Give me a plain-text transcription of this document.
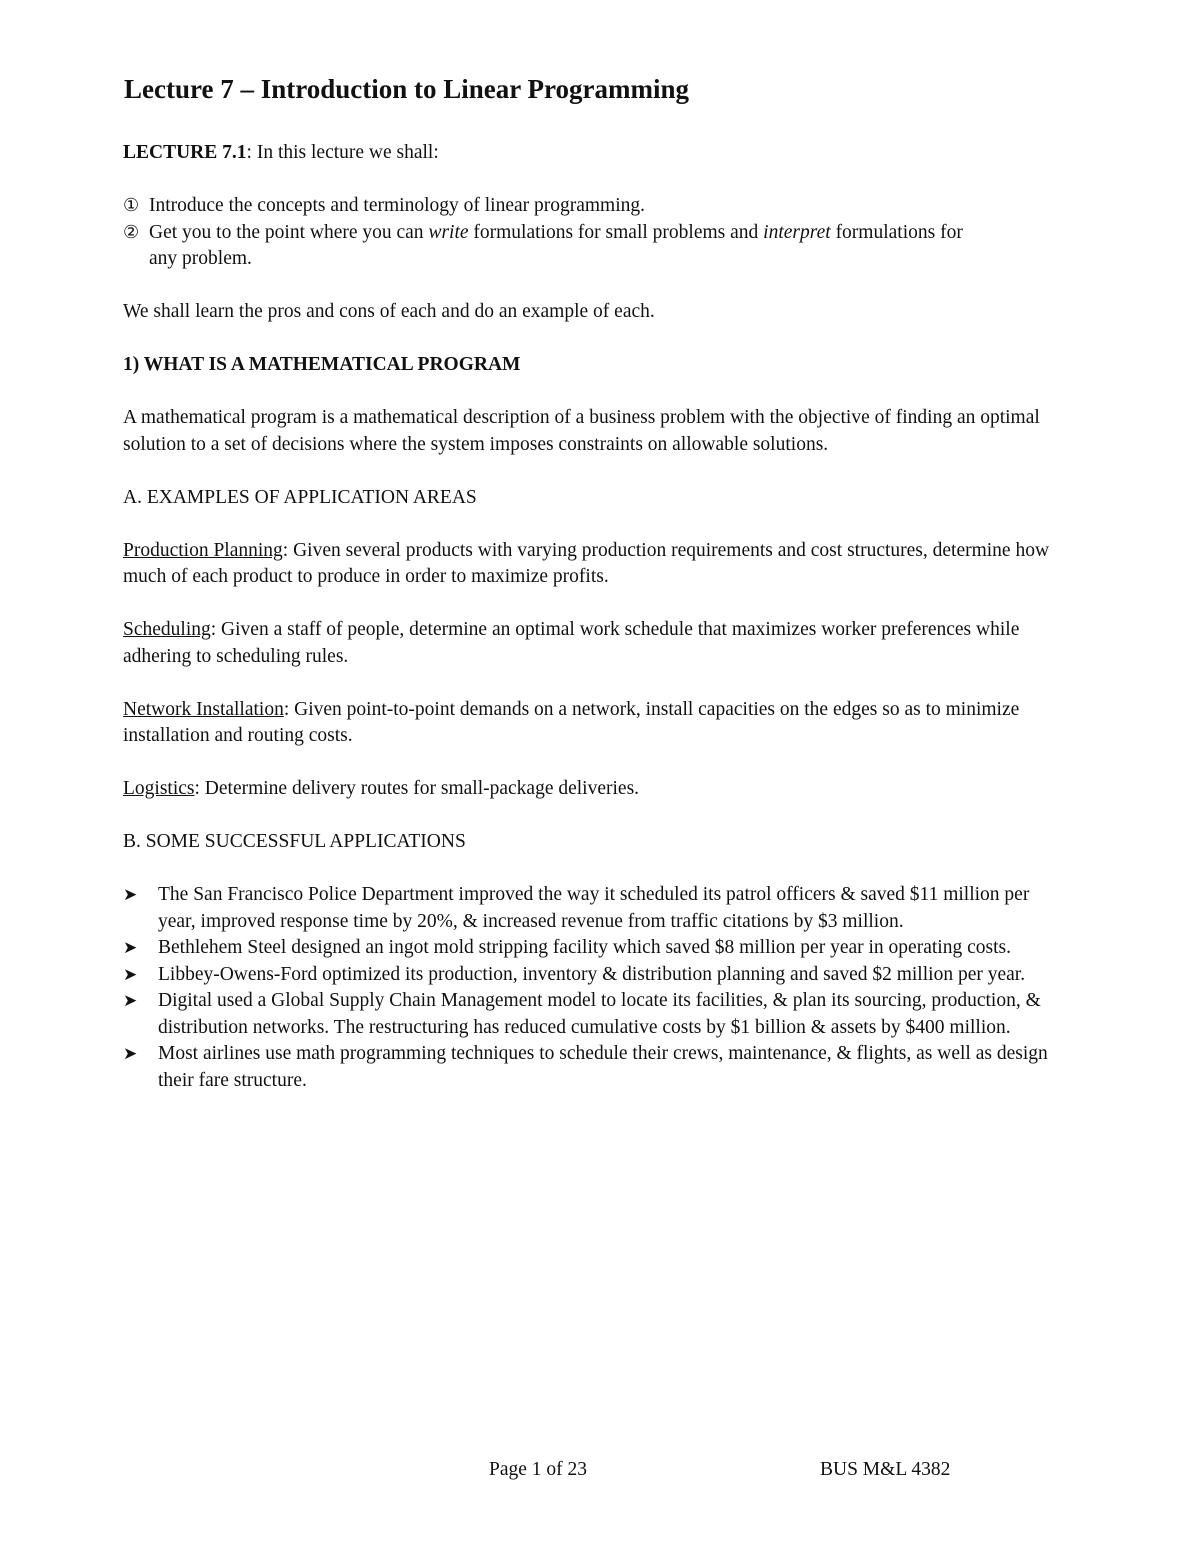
Lecture 7 – Introduction to Linear Programming

LECTURE 7.1: In this lecture we shall:

① Introduce the concepts and terminology of linear programming.
② Get you to the point where you can write formulations for small problems and interpret formulations for any problem.

We shall learn the pros and cons of each and do an example of each.

1) WHAT IS A MATHEMATICAL PROGRAM

A mathematical program is a mathematical description of a business problem with the objective of finding an optimal solution to a set of decisions where the system imposes constraints on allowable solutions.

A. EXAMPLES OF APPLICATION AREAS

Production Planning: Given several products with varying production requirements and cost structures, determine how much of each product to produce in order to maximize profits.

Scheduling: Given a staff of people, determine an optimal work schedule that maximizes worker preferences while adhering to scheduling rules.

Network Installation: Given point-to-point demands on a network, install capacities on the edges so as to minimize installation and routing costs.

Logistics: Determine delivery routes for small-package deliveries.

B. SOME SUCCESSFUL APPLICATIONS

➤	The San Francisco Police Department improved the way it scheduled its patrol officers & saved $11 million per year, improved response time by 20%, & increased revenue from traffic citations by $3 million.
➤	Bethlehem Steel designed an ingot mold stripping facility which saved $8 million per year in operating costs.
➤	Libbey-Owens-Ford optimized its production, inventory & distribution planning and saved $2 million per year.
➤	Digital used a Global Supply Chain Management model to locate its facilities, & plan its sourcing, production, & distribution networks. The restructuring has reduced cumulative costs by $1 billion & assets by $400 million.
➤	Most airlines use math programming techniques to schedule their crews, maintenance, & flights, as well as design their fare structure.
Page 1 of 23	BUS M&L 4382
